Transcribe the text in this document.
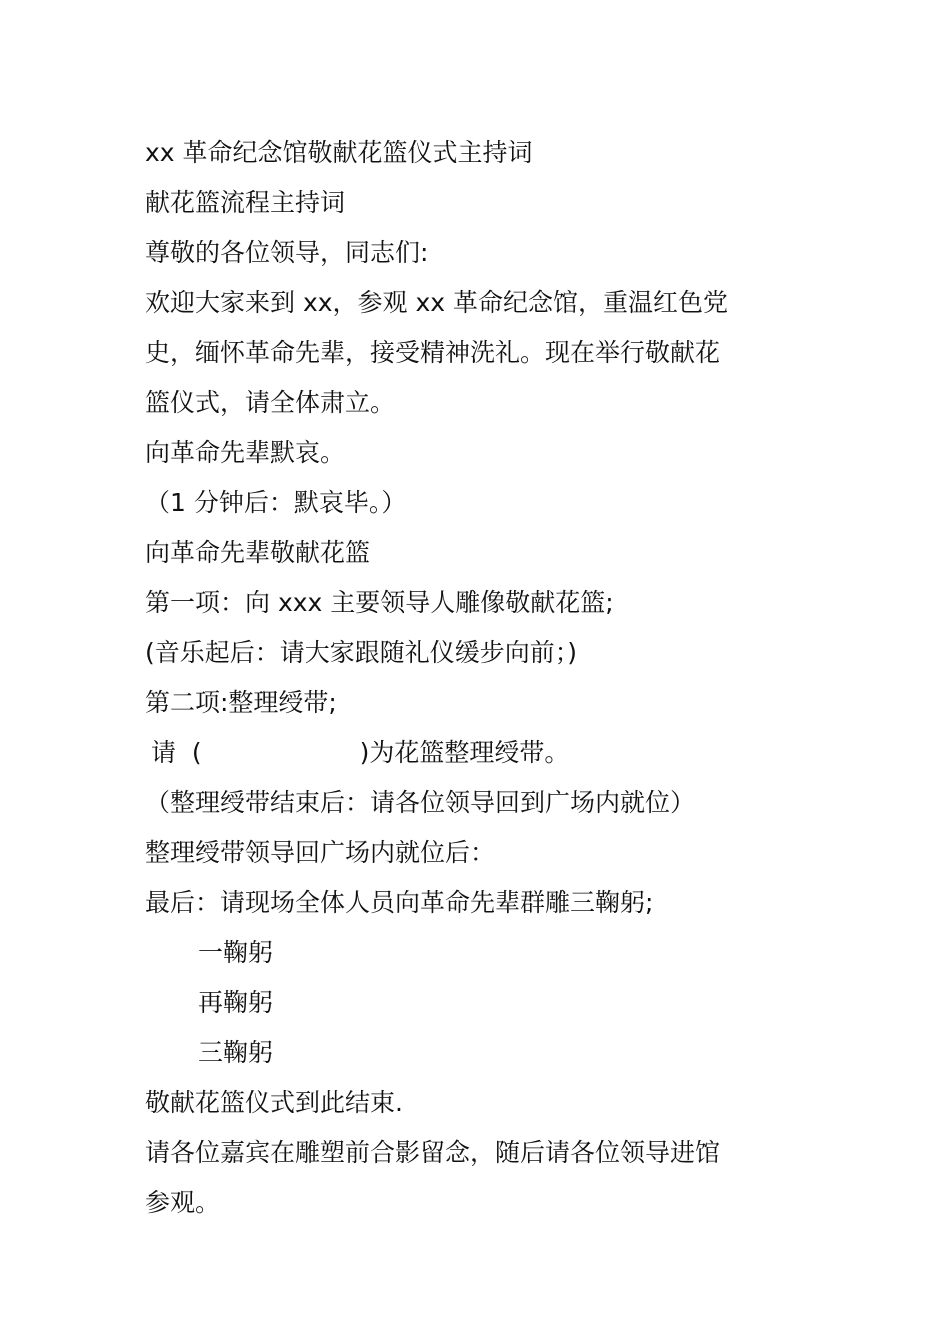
xx 革命纪念馆敬献花篮仪式主持词
献花篮流程主持词
尊敬的各位领导，同志们:
欢迎大家来到 xx，参观 xx 革命纪念馆，重温红色党
史，缅怀革命先辈，接受精神洗礼。现在举行敬献花
篮仪式，请全体肃立。
向革命先辈默哀。
（1 分钟后：默哀毕。）
向革命先辈敬献花篮
第一项：向 xxx 主要领导人雕像敬献花篮;
(音乐起后：请大家跟随礼仪缓步向前；)
第二项:整理绶带;
请  (	)为花篮整理绶带。
（整理绶带结束后：请各位领导回到广场内就位）
整理绶带领导回广场内就位后：
最后：请现场全体人员向革命先辈群雕三鞠躬;
一鞠躬
再鞠躬
三鞠躬
敬献花篮仪式到此结束.
请各位嘉宾在雕塑前合影留念，随后请各位领导进馆
参观。
